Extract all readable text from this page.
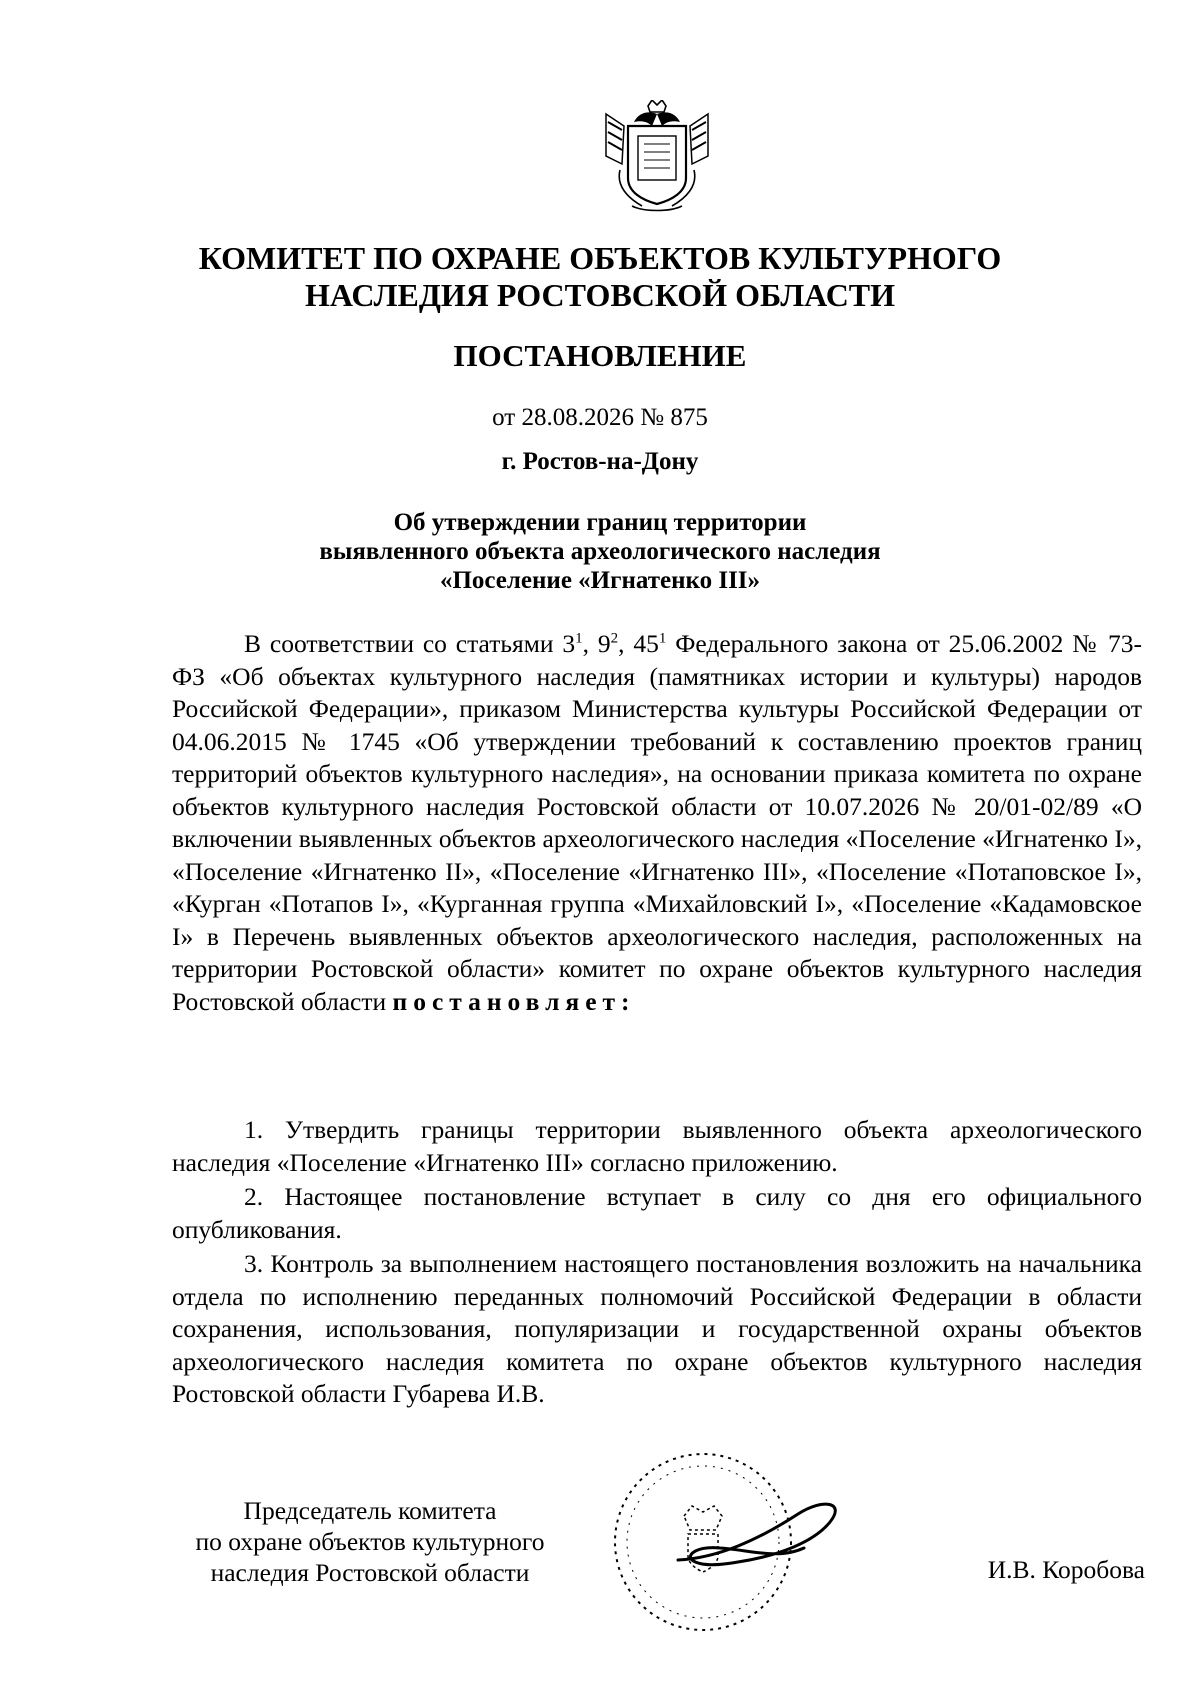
КОМИТЕТ ПО ОХРАНЕ ОБЪЕКТОВ КУЛЬТУРНОГО
НАСЛЕДИЯ РОСТОВСКОЙ ОБЛАСТИ
ПОСТАНОВЛЕНИЕ
от 28.08.2026 № 875
г. Ростов-на-Дону
Об утверждении границ территории
выявленного объекта археологического наследия
«Поселение «Игнатенко III»
В соответствии со статьями $3^1$, $9^2$, $45^1$ Федерального закона от 25.06.2002 № 73-ФЗ «Об объектах культурного наследия (памятниках истории и культуры) народов Российской Федерации», приказом Министерства культуры Российской Федерации от 04.06.2015 № 1745 «Об утверждении требований к составлению проектов границ территорий объектов культурного наследия», на основании приказа комитета по охране объектов культурного наследия Ростовской области от 10.07.2026 № 20/01-02/89 «О включении выявленных объектов археологического наследия «Поселение «Игнатенко I», «Поселение «Игнатенко II», «Поселение «Игнатенко III», «Поселение «Потаповское I», «Курган «Потапов I», «Курганная группа «Михайловский I», «Поселение «Кадамовское I» в Перечень выявленных объектов археологического наследия, расположенных на территории Ростовской области» комитет по охране объектов культурного наследия Ростовской области постановляет:

1. Утвердить границы территории выявленного объекта археологического наследия «Поселение «Игнатенко III» согласно приложению.

2. Настоящее постановление вступает в силу со дня его официального опубликования.

3. Контроль за выполнением настоящего постановления возложить на начальника отдела по исполнению переданных полномочий Российской Федерации в области сохранения, использования, популяризации и государственной охраны объектов археологического наследия комитета по охране объектов культурного наследия Ростовской области Губарева И.В.

Председатель комитета
по охране объектов культурного
наследия Ростовской области	И.В. Коробова
